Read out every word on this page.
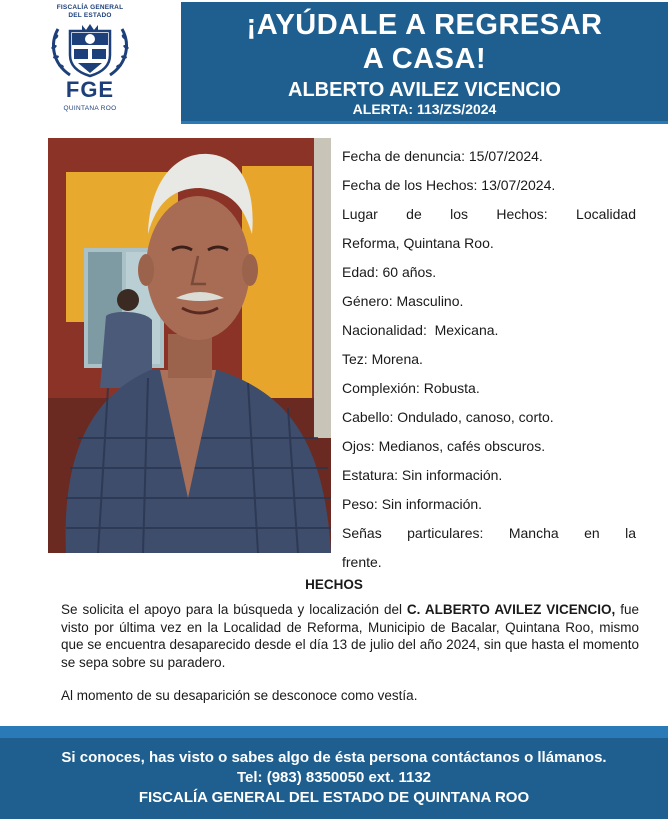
FISCALÍA GENERAL
DEL ESTADO
FGE
QUINTANA ROO
¡AYÚDALE A REGRESAR
A CASA!
ALBERTO AVILEZ VICENCIO
ALERTA: 113/ZS/2024

Fecha de denuncia: 15/07/2024.

Fecha de los Hechos: 13/07/2024.

Lugar de los Hechos: Localidad

Reforma, Quintana Roo.

Edad: 60 años.

Género: Masculino.

Nacionalidad:  Mexicana.

Tez: Morena.

Complexión: Robusta.

Cabello: Ondulado, canoso, corto.

Ojos: Medianos, cafés obscuros.

Estatura: Sin información.

Peso: Sin información.

Señas particulares: Mancha en la

frente.

HECHOS
Se solicita el apoyo para la búsqueda y localización del C. ALBERTO AVILEZ VICENCIO, fue visto por última vez en la Localidad de Reforma, Municipio de Bacalar, Quintana Roo, mismo que se encuentra desaparecido desde el día 13 de julio del año 2024, sin que hasta el momento se sepa sobre su paradero.
Al momento de su desaparición se desconoce como vestía.
Si conoces, has visto o sabes algo de ésta persona contáctanos o llámanos.
Tel: (983) 8350050 ext. 1132
FISCALÍA GENERAL DEL ESTADO DE QUINTANA ROO
